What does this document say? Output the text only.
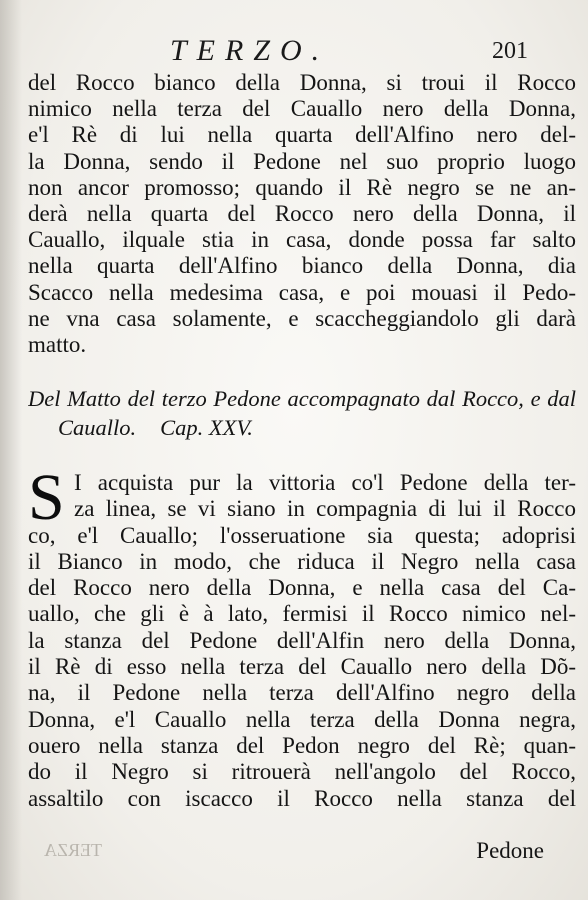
TERZO.	201
del Rocco bianco della Donna, si troui il Rocco
nimico nella terza del Cauallo nero della Donna,
e'l Rè di lui nella quarta dell'Alfino nero del-
la Donna, sendo il Pedone nel suo proprio luogo
non ancor promosso; quando il Rè negro se ne an-
derà nella quarta del Rocco nero della Donna, il
Cauallo, ilquale stia in casa, donde possa far salto
nella quarta dell'Alfino bianco della Donna, dia
Scacco nella medesima casa, e poi mouasi il Pedo-
ne vna casa solamente, e scaccheggiandolo gli darà
matto.
Del Matto del terzo Pedone accompagnato dal Rocco, e dal
Cauallo. Cap. XXV.
S I acquista pur la vittoria co'l Pedone della ter-
za linea, se vi siano in compagnia di lui il Rocco
co, e'l Cauallo; l'osseruatione sia questa; adoprisi
il Bianco in modo, che riduca il Negro nella casa
del Rocco nero della Donna, e nella casa del Ca-
uallo, che gli è à lato, fermisi il Rocco nimico nel-
la stanza del Pedone dell'Alfin nero della Donna,
il Rè di esso nella terza del Cauallo nero della Dõ-
na, il Pedone nella terza dell'Alfino negro della
Donna, e'l Cauallo nella terza della Donna negra,
ouero nella stanza del Pedon negro del Rè; quan-
do il Negro si ritrouerà nell'angolo del Rocco,
assaltilo con iscacco il Rocco nella stanza del
TERZA	Pedone
